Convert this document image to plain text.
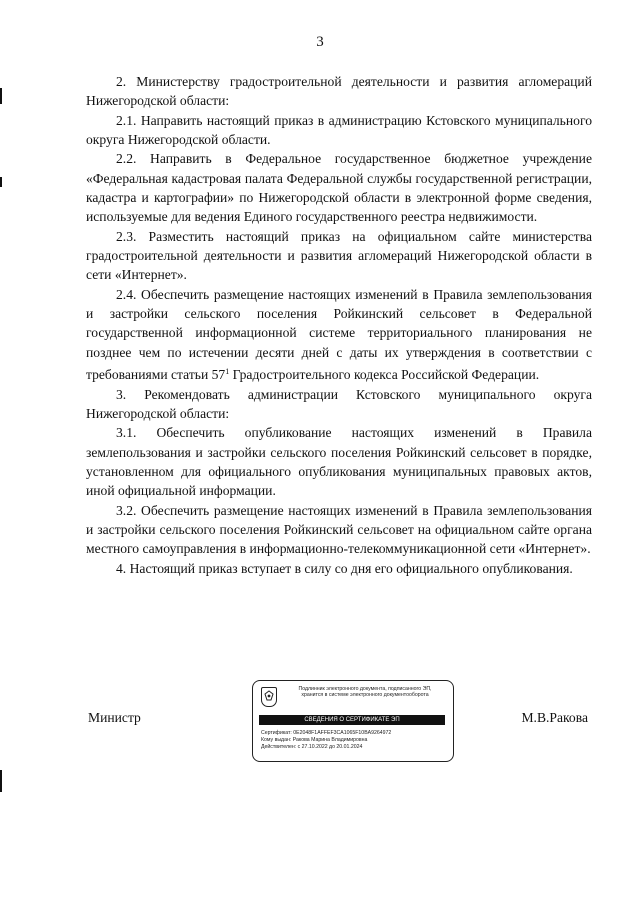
3

2. Министерству градостроительной деятельности и развития агломераций Нижегородской области:

2.1. Направить настоящий приказ в администрацию Кстовского муниципального округа Нижегородской области.

2.2. Направить в Федеральное государственное бюджетное учреждение «Федеральная кадастровая палата Федеральной службы государственной регистрации, кадастра и картографии» по Нижегородской области в электронной форме сведения, используемые для ведения Единого государственного реестра недвижимости.

2.3. Разместить настоящий приказ на официальном сайте министерства градостроительной деятельности и развития агломераций Нижегородской области в сети «Интернет».

2.4. Обеспечить размещение настоящих изменений в Правила землепользования и застройки сельского поселения Ройкинский сельсовет в Федеральной государственной информационной системе территориального планирования не позднее чем по истечении десяти дней с даты их утверждения в соответствии с требованиями статьи $57^1$ Градостроительного кодекса Российской Федерации.

3. Рекомендовать администрации Кстовского муниципального округа Нижегородской области:

3.1. Обеспечить опубликование настоящих изменений в Правила землепользования и застройки сельского поселения Ройкинский сельсовет в порядке, установленном для официального опубликования муниципальных правовых актов, иной официальной информации.

3.2. Обеспечить размещение настоящих изменений в Правила землепользования и застройки сельского поселения Ройкинский сельсовет на официальном сайте органа местного самоуправления в информационно-телекоммуникационной сети «Интернет».

4. Настоящий приказ вступает в силу со дня его официального опубликования.

Министр	М.В.Ракова
Подлинник электронного документа, подписанного ЭП,
хранится в системе электронного документооборота
СВЕДЕНИЯ О СЕРТИФИКАТЕ ЭП
Сертификат: 0E2048F1AFFEF3CA1065F10BA9264972
Кому выдан: Ракова Марина Владимировна
Действителен: с 27.10.2022 до 20.01.2024
